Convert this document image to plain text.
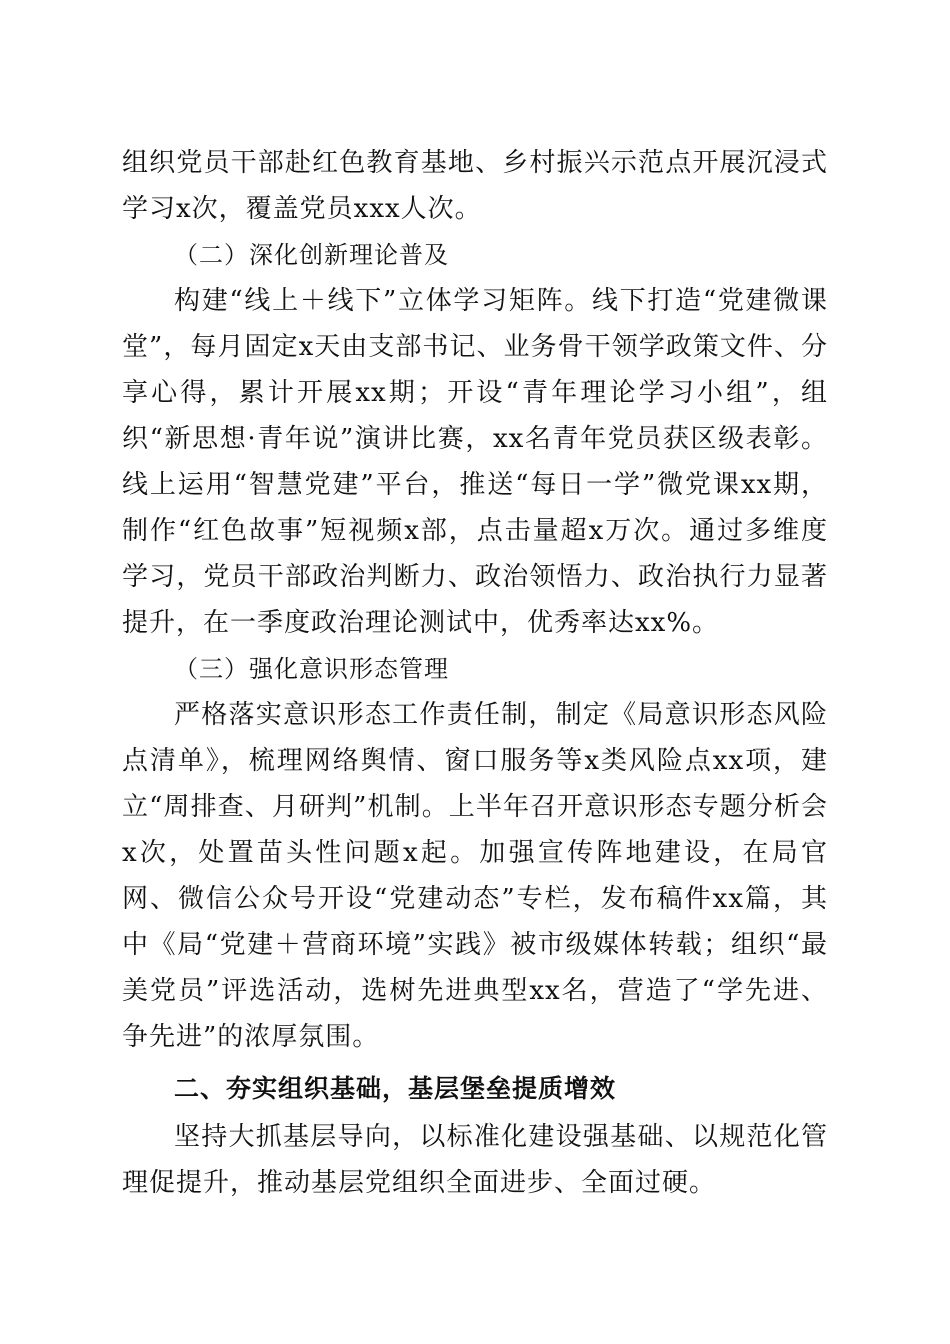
组织党员干部赴红色教育基地、乡村振兴示范点开展沉浸式学习x次，覆盖党员xxx人次。

（二）深化创新理论普及

构建“线上＋线下”立体学习矩阵。线下打造“党建微课堂”，每月固定x天由支部书记、业务骨干领学政策文件、分享心得，累计开展xx期；开设“青年理论学习小组”，组织“新思想·青年说”演讲比赛，xx名青年党员获区级表彰。线上运用“智慧党建”平台，推送“每日一学”微党课xx期，制作“红色故事”短视频x部，点击量超x万次。通过多维度学习，党员干部政治判断力、政治领悟力、政治执行力显著提升，在一季度政治理论测试中，优秀率达xx%。

（三）强化意识形态管理

严格落实意识形态工作责任制，制定《局意识形态风险点清单》，梳理网络舆情、窗口服务等x类风险点xx项，建立“周排查、月研判”机制。上半年召开意识形态专题分析会x次，处置苗头性问题x起。加强宣传阵地建设，在局官网、微信公众号开设“党建动态”专栏，发布稿件xx篇，其中《局“党建＋营商环境”实践》被市级媒体转载；组织“最美党员”评选活动，选树先进典型xx名，营造了“学先进、争先进”的浓厚氛围。

二、夯实组织基础，基层堡垒提质增效

坚持大抓基层导向，以标准化建设强基础、以规范化管理促提升，推动基层党组织全面进步、全面过硬。
